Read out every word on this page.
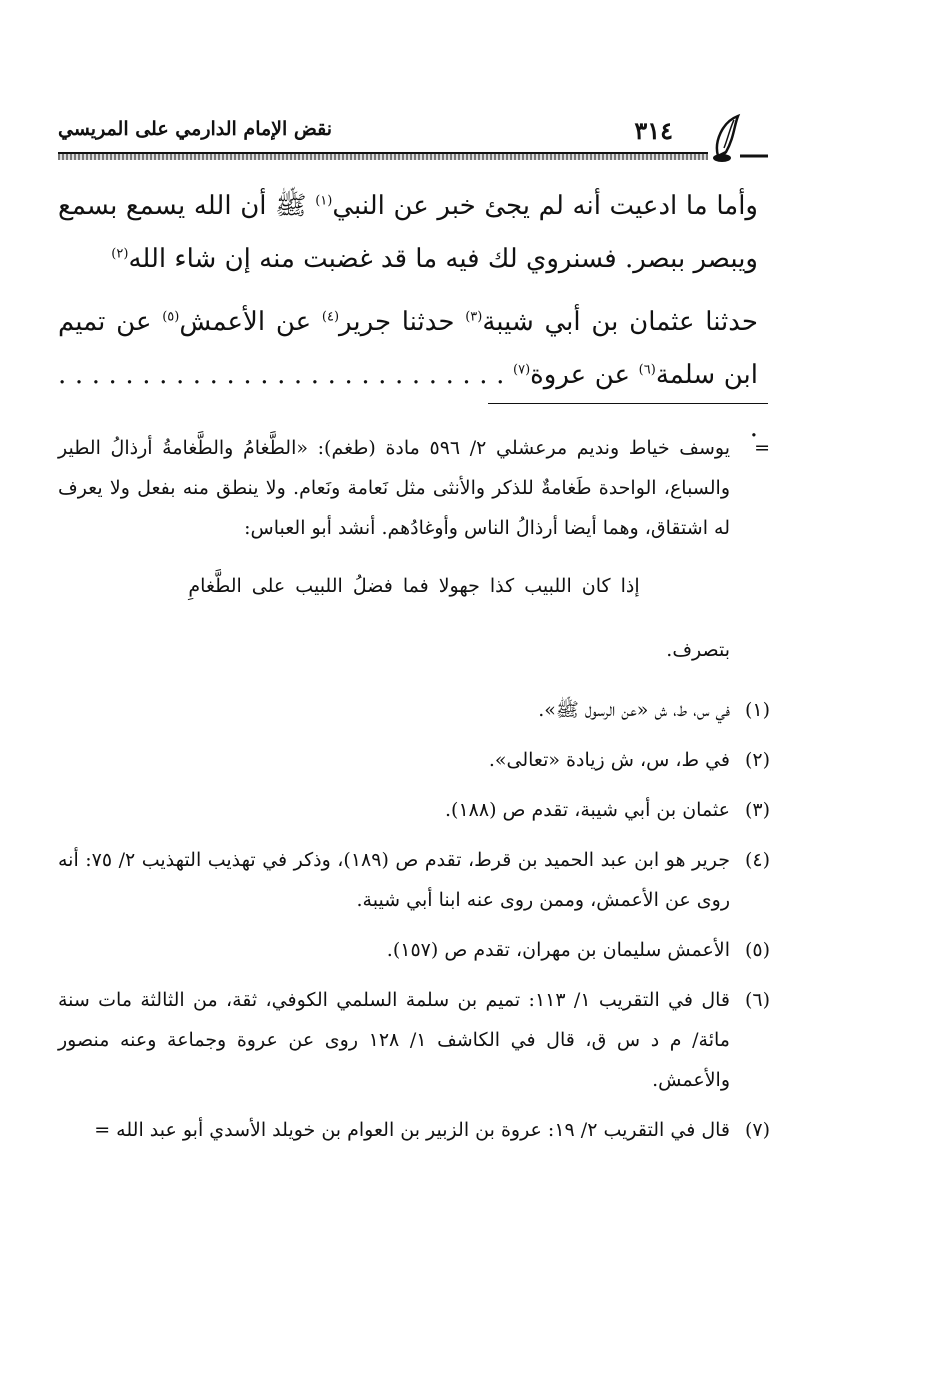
٣١٤
نقض الإمام الدارمي على المريسي

وأما ما ادعيت أنه لم يجئ خبر عن النبي$^{(١)}$ ﷺ أن الله يسمع بسمع ويبصر ببصر. فسنروي لك فيه ما قد غضبت منه إن شاء الله$^{(٢)}$

حدثنا عثمان بن أبي شيبة$^{(٣)}$ حدثنا جرير$^{(٤)}$ عن الأعمش$^{(٥)}$ عن تميم ابن سلمة$^{(٦)}$ عن عروة$^{(٧)}$ . . . . . . . . . . . . . . . . . . . . . . . . . . . .

= يوسف خياط ونديم مرعشلي ٢/ ٥٩٦ مادة (طغم): «الطَّغامُ والطَّغامةُ أرذالُ الطير والسباع، الواحدة طَغامةٌ للذكر والأنثى مثل نَعامة ونَعام. ولا ينطق منه بفعل ولا يعرف له اشتقاق، وهما أيضا أرذالُ الناس وأوغادُهم. أنشد أبو العباس:

إذا كان اللبيب كذا جهولا فما فضلُ اللبيب على الطَّغامِ

بتصرف.

(١)
في س، ط، ش «عن الرسول ﷺ».
(٢)
في ط، س، ش زيادة «تعالى».
(٣)
عثمان بن أبي شيبة، تقدم ص (١٨٨).
(٤)
جرير هو ابن عبد الحميد بن قرط، تقدم ص (١٨٩)، وذكر في تهذيب التهذيب ٢/ ٧٥: أنه روى عن الأعمش، وممن روى عنه ابنا أبي شيبة.
(٥)
الأعمش سليمان بن مهران، تقدم ص (١٥٧).
(٦)
قال في التقريب ١/ ١١٣: تميم بن سلمة السلمي الكوفي، ثقة، من الثالثة مات سنة مائة/ م د س ق، قال في الكاشف ١/ ١٢٨ روى عن عروة وجماعة وعنه منصور والأعمش.
(٧)
قال في التقريب ٢/ ١٩: عروة بن الزبير بن العوام بن خويلد الأسدي أبو عبد الله =
